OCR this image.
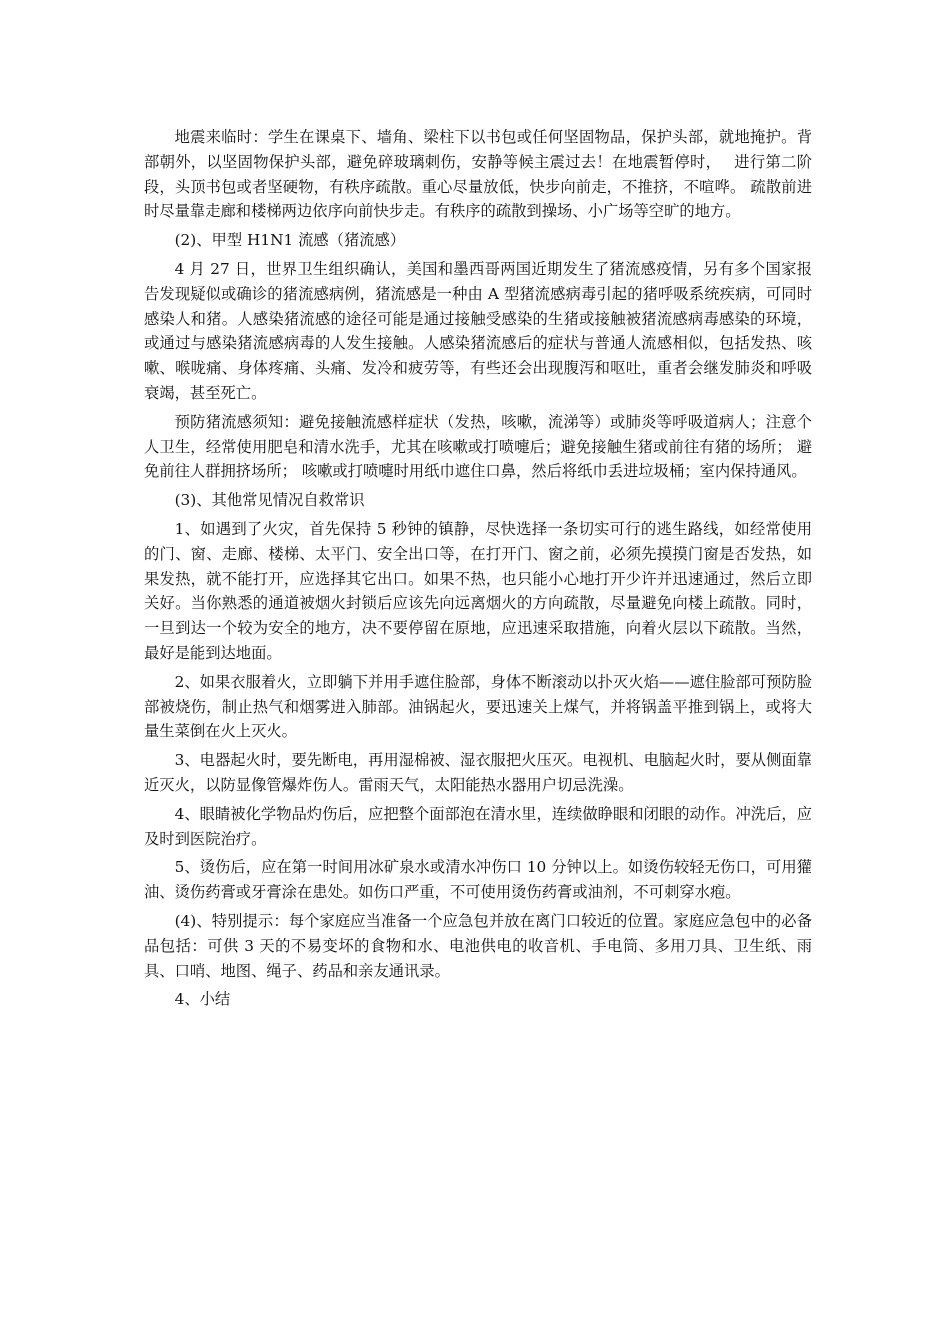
地震来临时：学生在课桌下、墙角、梁柱下以书包或任何坚固物品，保护头部，就地掩护。背部朝外，以坚固物保护头部，避免碎玻璃刺伤，安静等候主震过去！在地震暂停时，　 进行第二阶段，头顶书包或者坚硬物，有秩序疏散。重心尽量放低，快步向前走，不推挤，不喧哗。 疏散前进时尽量靠走廊和楼梯两边依序向前快步走。有秩序的疏散到操场、小广场等空旷的地方。

(2)、甲型 H1N1 流感（猪流感）

4 月 27 日，世界卫生组织确认，美国和墨西哥两国近期发生了猪流感疫情，另有多个国家报告发现疑似或确诊的猪流感病例，猪流感是一种由 A 型猪流感病毒引起的猪呼吸系统疾病，可同时感染人和猪。人感染猪流感的途径可能是通过接触受感染的生猪或接触被猪流感病毒感染的环境，或通过与感染猪流感病毒的人发生接触。人感染猪流感后的症状与普通人流感相似，包括发热、咳嗽、喉咙痛、身体疼痛、头痛、发冷和疲劳等，有些还会出现腹泻和呕吐，重者会继发肺炎和呼吸衰竭，甚至死亡。

预防猪流感须知：避免接触流感样症状（发热，咳嗽，流涕等）或肺炎等呼吸道病人；注意个人卫生，经常使用肥皂和清水洗手，尤其在咳嗽或打喷嚏后；避免接触生猪或前往有猪的场所； 避免前往人群拥挤场所； 咳嗽或打喷嚏时用纸巾遮住口鼻，然后将纸巾丢进垃圾桶；室内保持通风。

(3)、其他常见情况自救常识

1、如遇到了火灾，首先保持 5 秒钟的镇静，尽快选择一条切实可行的逃生路线，如经常使用的门、窗、走廊、楼梯、太平门、安全出口等，在打开门、窗之前，必须先摸摸门窗是否发热，如果发热，就不能打开，应选择其它出口。如果不热，也只能小心地打开少许并迅速通过，然后立即关好。当你熟悉的通道被烟火封锁后应该先向远离烟火的方向疏散，尽量避免向楼上疏散。同时，一旦到达一个较为安全的地方，决不要停留在原地，应迅速采取措施，向着火层以下疏散。当然，最好是能到达地面。

2、如果衣服着火，立即躺下并用手遮住脸部，身体不断滚动以扑灭火焰——遮住脸部可预防脸部被烧伤，制止热气和烟雾进入肺部。油锅起火，要迅速关上煤气，并将锅盖平推到锅上，或将大量生菜倒在火上灭火。

3、电器起火时，要先断电，再用湿棉被、湿衣服把火压灭。电视机、电脑起火时，要从侧面靠近灭火，以防显像管爆炸伤人。雷雨天气，太阳能热水器用户切忌洗澡。

4、眼睛被化学物品灼伤后，应把整个面部泡在清水里，连续做睁眼和闭眼的动作。冲洗后，应及时到医院治疗。

5、烫伤后，应在第一时间用冰矿泉水或清水冲伤口 10 分钟以上。如烫伤较轻无伤口，可用獾油、烫伤药膏或牙膏涂在患处。如伤口严重，不可使用烫伤药膏或油剂，不可刺穿水疱。

(4)、特别提示：每个家庭应当准备一个应急包并放在离门口较近的位置。家庭应急包中的必备品包括：可供 3 天的不易变坏的食物和水、电池供电的收音机、手电筒、多用刀具、卫生纸、雨具、口哨、地图、绳子、药品和亲友通讯录。

4、小结
